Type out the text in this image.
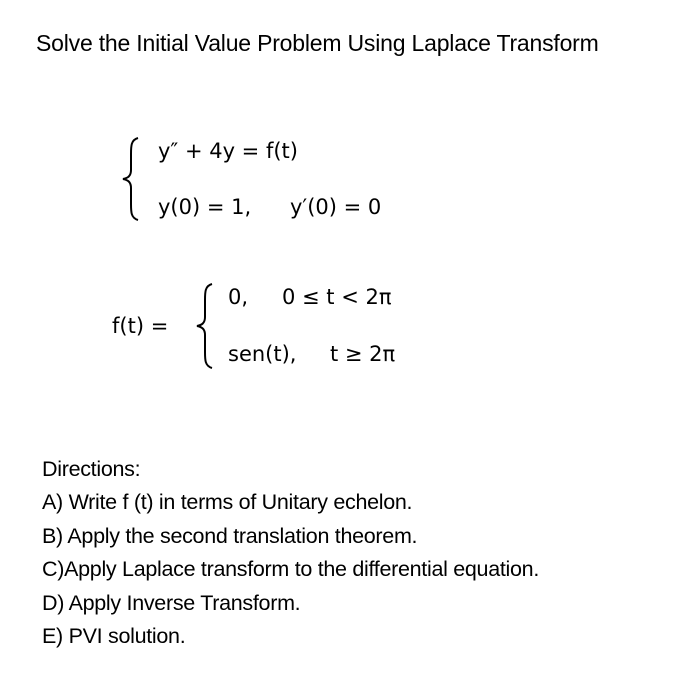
Solve the Initial Value Problem Using Laplace Transform
y″ + 4y = f(t)
y(0) = 1, y′(0) = 0
f(t) =
0, 0 ≤ t < 2π
sen(t), t ≥ 2π
Directions:
A) Write f (t) in terms of Unitary echelon.
B) Apply the second translation theorem.
C)Apply Laplace transform to the differential equation.
D) Apply Inverse Transform.
E) PVI solution.
